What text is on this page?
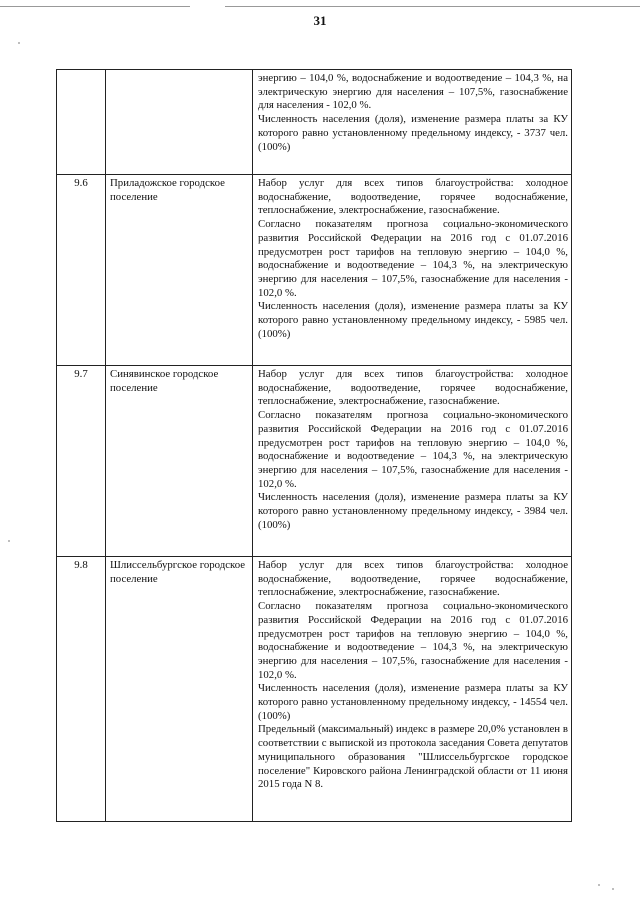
31

		энергию – 104,0 %, водоснабжение и водоотведение – 104,3 %, на электрическую энергию для населения – 107,5%, газоснабжение для населения - 102,0 %.

Численность населения (доля), изменение размера платы за КУ которого равно установленному предельному индексу, - 3737 чел. (100%)

9.6	Приладожское городское поселение	Набор услуг для всех типов благоустройства: холодное водоснабжение, водоотведение, горячее водоснабжение, теплоснабжение, электроснабжение, газоснабжение.

Согласно показателям прогноза социально-экономического развития Российской Федерации на 2016 год с 01.07.2016 предусмотрен рост тарифов на тепловую энергию – 104,0 %, водоснабжение и водоотведение – 104,3 %, на электрическую энергию для населения – 107,5%, газоснабжение для населения - 102,0 %.

Численность населения (доля), изменение размера платы за КУ которого равно установленному предельному индексу, - 5985 чел. (100%)

9.7	Синявинское городское поселение	Набор услуг для всех типов благоустройства: холодное водоснабжение, водоотведение, горячее водоснабжение, теплоснабжение, электроснабжение, газоснабжение.

Согласно показателям прогноза социально-экономического развития Российской Федерации на 2016 год с 01.07.2016 предусмотрен рост тарифов на тепловую энергию – 104,0 %, водоснабжение и водоотведение – 104,3 %, на электрическую энергию для населения – 107,5%, газоснабжение для населения - 102,0 %.

Численность населения (доля), изменение размера платы за КУ которого равно установленному предельному индексу, - 3984 чел. (100%)

9.8	Шлиссельбургское городское поселение	Набор услуг для всех типов благоустройства: холодное водоснабжение, водоотведение, горячее водоснабжение, теплоснабжение, электроснабжение, газоснабжение.

Согласно показателям прогноза социально-экономического развития Российской Федерации на 2016 год с 01.07.2016 предусмотрен рост тарифов на тепловую энергию – 104,0 %, водоснабжение и водоотведение – 104,3 %, на электрическую энергию для населения – 107,5%, газоснабжение для населения - 102,0 %.

Численность населения (доля), изменение размера платы за КУ которого равно установленному предельному индексу, - 14554 чел. (100%)

Предельный (максимальный) индекс в размере 20,0% установлен в соответствии с выпиской из протокола заседания Совета депутатов муниципального образования "Шлиссельбургское городское поселение" Кировского района Ленинградской области от 11 июня 2015 года N 8.
